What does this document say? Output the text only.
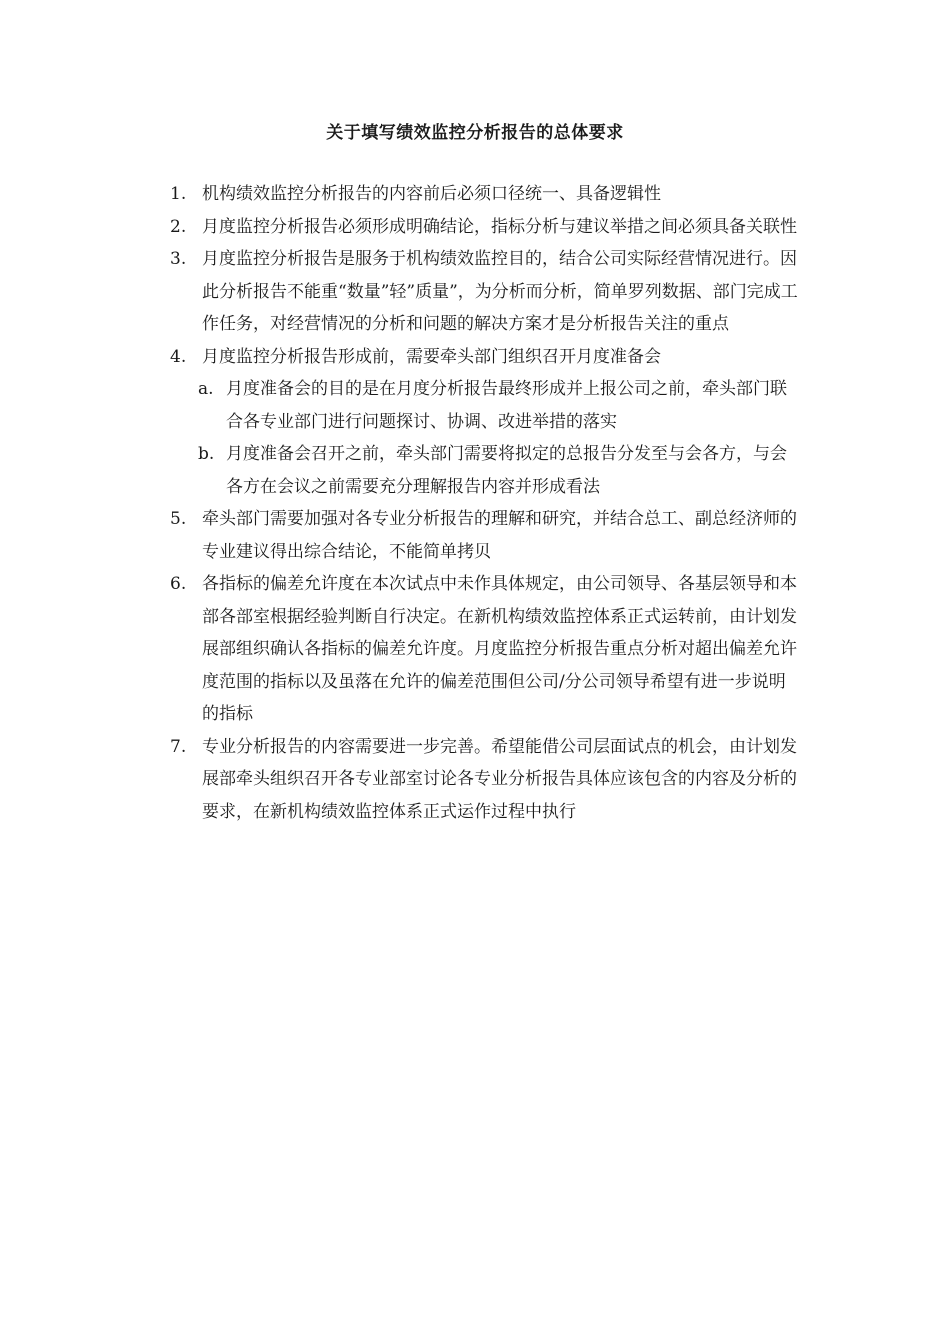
关于填写绩效监控分析报告的总体要求
1. 机构绩效监控分析报告的内容前后必须口径统一、具备逻辑性
2. 月度监控分析报告必须形成明确结论，指标分析与建议举措之间必须具备关联性
3. 月度监控分析报告是服务于机构绩效监控目的，结合公司实际经营情况进行。因此分析报告不能重“数量”轻”质量”，为分析而分析，简单罗列数据、部门完成工作任务，对经营情况的分析和问题的解决方案才是分析报告关注的重点
4. 月度监控分析报告形成前，需要牵头部门组织召开月度准备会
a. 月度准备会的目的是在月度分析报告最终形成并上报公司之前，牵头部门联合各专业部门进行问题探讨、协调、改进举措的落实
b. 月度准备会召开之前，牵头部门需要将拟定的总报告分发至与会各方，与会各方在会议之前需要充分理解报告内容并形成看法
5. 牵头部门需要加强对各专业分析报告的理解和研究，并结合总工、副总经济师的专业建议得出综合结论，不能简单拷贝
6. 各指标的偏差允许度在本次试点中未作具体规定，由公司领导、各基层领导和本部各部室根据经验判断自行决定。在新机构绩效监控体系正式运转前，由计划发展部组织确认各指标的偏差允许度。月度监控分析报告重点分析对超出偏差允许度范围的指标以及虽落在允许的偏差范围但公司/分公司领导希望有进一步说明的指标
7. 专业分析报告的内容需要进一步完善。希望能借公司层面试点的机会，由计划发展部牵头组织召开各专业部室讨论各专业分析报告具体应该包含的内容及分析的要求，在新机构绩效监控体系正式运作过程中执行
